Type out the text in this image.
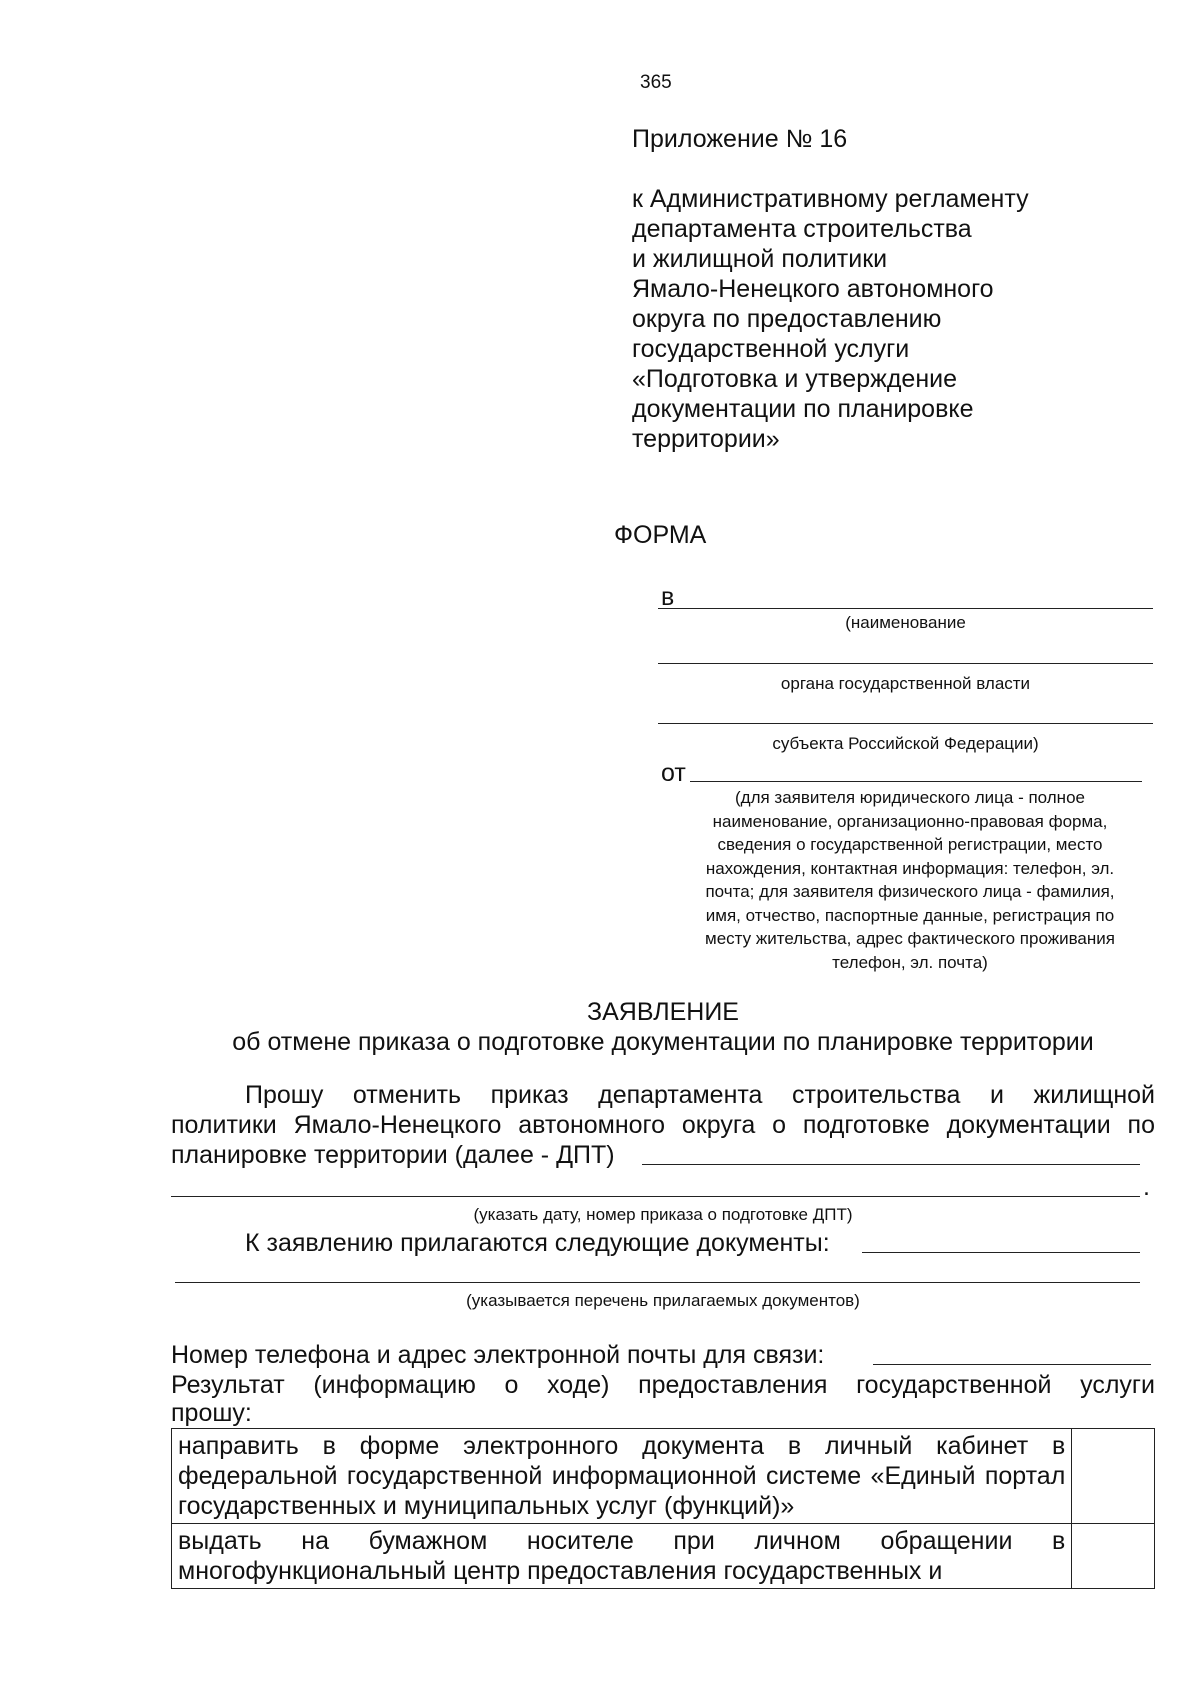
365
Приложение № 16
к Административному регламенту
департамента строительства
и жилищной политики
Ямало-Ненецкого автономного
округа по предоставлению
государственной услуги
«Подготовка и утверждение
документации по планировке
территории»
ФОРМА
в
(наименование
органа государственной власти
субъекта Российской Федерации)
от
(для заявителя юридического лица - полное
наименование, организационно-правовая форма,
сведения о государственной регистрации, место
нахождения, контактная информация: телефон, эл.
почта; для заявителя физического лица - фамилия,
имя, отчество, паспортные данные, регистрация по
месту жительства, адрес фактического проживания
телефон, эл. почта)
ЗАЯВЛЕНИЕ
об отмене приказа о подготовке документации по планировке территории
Прошу отменить приказ департамента строительства и жилищной
политики Ямало-Ненецкого автономного округа о подготовке документации по
планировке территории (далее - ДПТ)
.
(указать дату, номер приказа о подготовке ДПТ)
К заявлению прилагаются следующие документы:
(указывается перечень прилагаемых документов)
Номер телефона и адрес электронной почты для связи:
Результат (информацию о ходе) предоставления государственной услуги
прошу:
направить в форме электронного документа в личный кабинет в федеральной государственной информационной системе «Единый портал государственных и муниципальных услуг (функций)»	

выдать на бумажном носителе при личном обращении в многофункциональный центр предоставления государственных и	
